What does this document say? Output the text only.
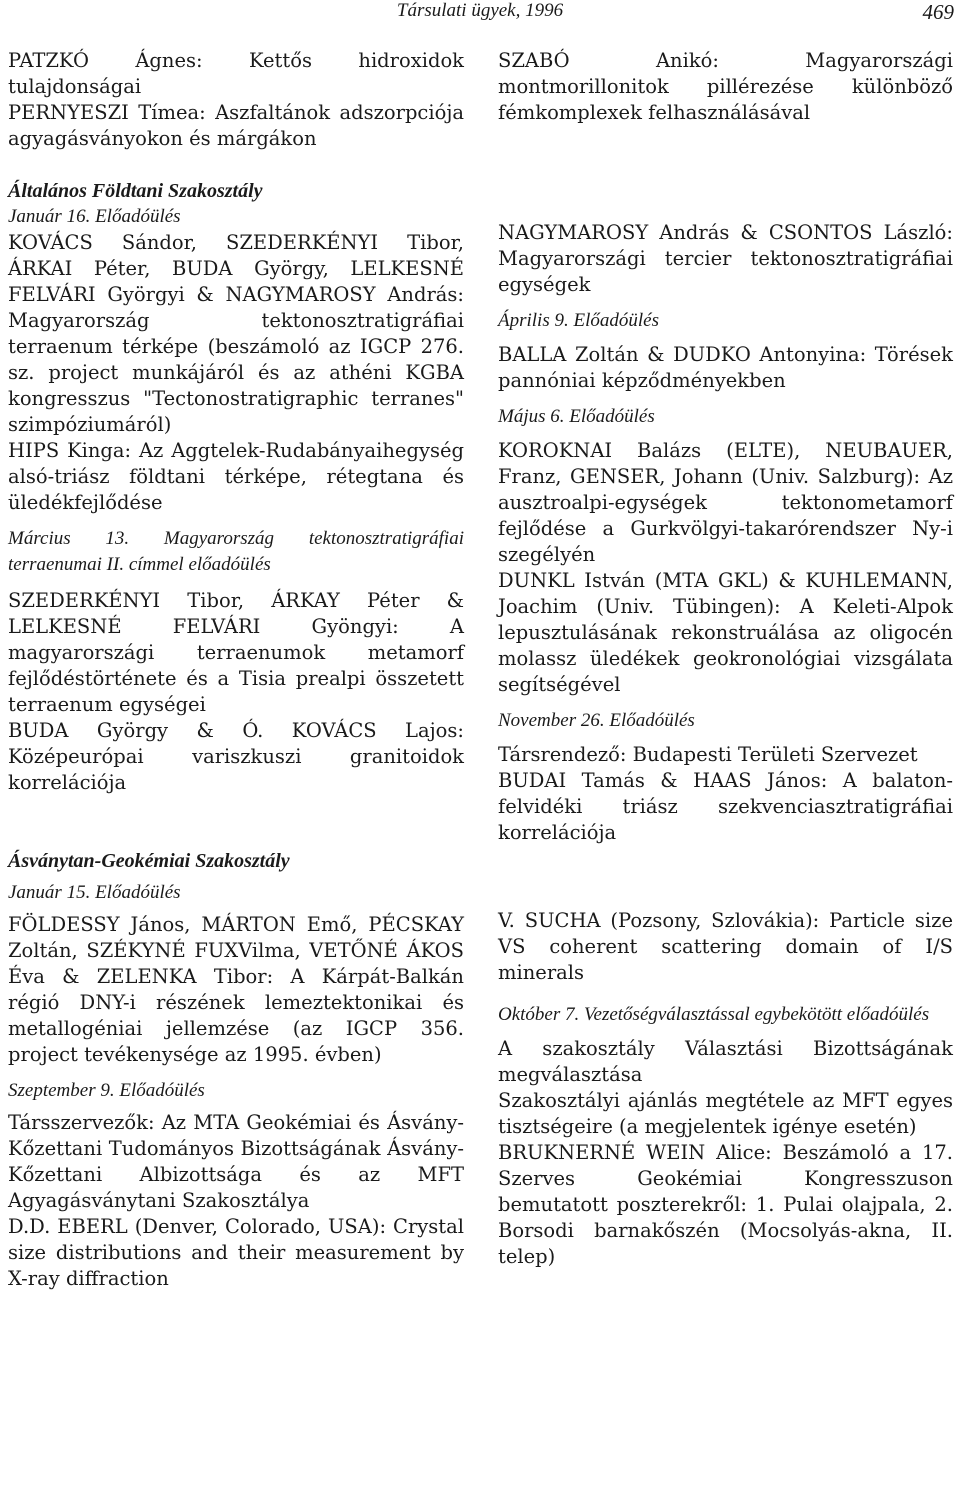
Társulati ügyek, 1996	469

PATZKÓ Ágnes: Kettős hidroxidok tulajdonságai

PERNYESZI Tímea: Aszfaltánok adszorpciója agyagásványokon és márgákon

Általános Földtani Szakosztály

Január 16. Előadóülés

KOVÁCS Sándor, SZEDERKÉNYI Tibor, ÁRKAI Péter, BUDA György, LELKESNÉ FELVÁRI Györgyi & NAGYMAROSY András: Magyarország tektonosztratigráfiai terraenum térképe (beszámoló az IGCP 276. sz. project munkájáról és az athéni KGBA kongresszus "Tectonostratigraphic terranes" szimpóziumáról)

HIPS Kinga: Az Aggtelek-Rudabányaihegység alsó-triász földtani térképe, rétegtana és üledékfejlődése

Március 13. Magyarország tektonosztratigráfiai terraenumai II. címmel előadóülés

SZEDERKÉNYI Tibor, ÁRKAY Péter & LELKESNÉ FELVÁRI Gyöngyi: A magyarországi terraenumok metamorf fejlődéstörténete és a Tisia prealpi összetett terraenum egységei

BUDA György & Ó. KOVÁCS Lajos: Középeurópai variszkuszi granitoidok korrelációja

Ásványtan-Geokémiai Szakosztály

Január 15. Előadóülés

FÖLDESSY János, MÁRTON Emő, PÉCSKAY Zoltán, SZÉKYNÉ FUXVilma, VETŐNÉ ÁKOS Éva & ZELENKA Tibor: A Kárpát-Balkán régió DNY-i részének lemeztektonikai és metallogéniai jellemzése (az IGCP 356. project tevékenysége az 1995. évben)

Szeptember 9. Előadóülés

Társszervezők: Az MTA Geokémiai és Ásvány-Kőzettani Tudományos Bizottságának Ásvány-Kőzettani Albizottsága és az MFT Agyagásványtani Szakosztálya

D.D. EBERL (Denver, Colorado, USA): Crystal size distributions and their measurement by X-ray diffraction

SZABÓ Anikó: Magyarországi montmorillonitok pillérezése különböző fémkomplexek felhasználásával

NAGYMAROSY András & CSONTOS László: Magyarországi tercier tektonosztratigráfiai egységek

Április 9. Előadóülés

BALLA Zoltán & DUDKO Antonyina: Törések pannóniai képződményekben

Május 6. Előadóülés

KOROKNAI Balázs (ELTE), NEUBAUER, Franz, GENSER, Johann (Univ. Salzburg): Az ausztroalpi-egységek tektonometamorf fejlődése a Gurkvölgyi-takarórendszer Ny-i szegélyén

DUNKL István (MTA GKL) & KUHLEMANN, Joachim (Univ. Tübingen): A Keleti-Alpok lepusztulásának rekonstruálása az oligocén molassz üledékek geokronológiai vizsgálata segítségével

November 26. Előadóülés

Társrendező: Budapesti Területi Szervezet

BUDAI Tamás & HAAS János: A balaton-felvidéki triász szekvenciasztratigráfiai korrelációja

V. SUCHA (Pozsony, Szlovákia): Particle size VS coherent scattering domain of I/S minerals

Október 7. Vezetőségválasztással egybekötött előadóülés

A szakosztály Választási Bizottságának megválasztása

Szakosztályi ajánlás megtétele az MFT egyes tisztségeire (a megjelentek igénye esetén)

BRUKNERNÉ WEIN Alice: Beszámoló a 17. Szerves Geokémiai Kongresszuson bemutatott poszterekről: 1. Pulai olajpala, 2. Borsodi barnakőszén (Mocsolyás-akna, II. telep)
